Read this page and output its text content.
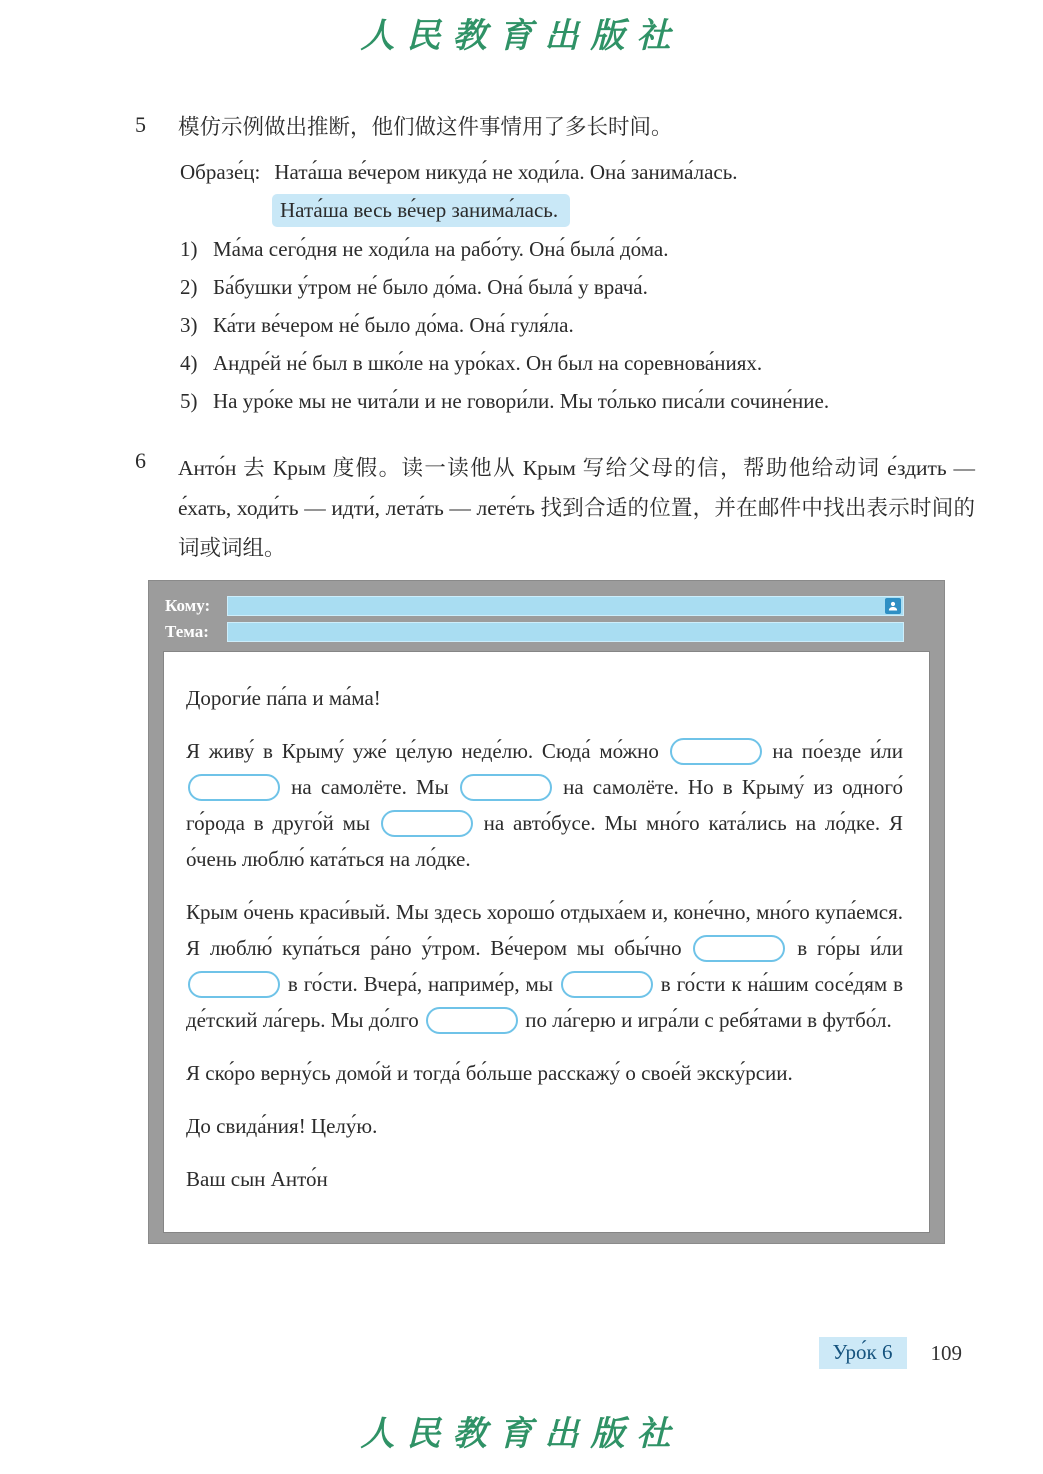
人民教育出版社
5	模仿示例做出推断，他们做这件事情用了多长时间。
Образе́ц: Ната́ша ве́чером никуда́ не ходи́ла. Она́ занима́лась.
Ната́ша весь ве́чер занима́лась.
1) Ма́ма сего́дня не ходи́ла на рабо́ту. Она́ была́ до́ма.
2) Ба́бушки у́тром не́ было до́ма. Она́ была́ у врача́.
3) Ка́ти ве́чером не́ было до́ма. Она́ гуля́ла.
4) Андре́й не́ был в шко́ле на уро́ках. Он был на соревнова́ниях.
5) На уро́ке мы не чита́ли и не говори́ли. Мы то́лько писа́ли сочине́ние.
6	Анто́н 去 Крым 度假。读一读他从 Крым 写给父母的信，帮助他给动词 е́здить — е́хать, ходи́ть — идти́, лета́ть — лете́ть 找到合适的位置，并在邮件中找出表示时间的词或词组。
Кому:
Тема:

Дороги́е па́па и ма́ма!

Я живу́ в Крыму́ уже́ це́лую неде́лю. Сюда́ мо́жно	на по́езде и́ли  на самолёте. Мы	на самолёте. Но в Крыму́ из одного́ го́рода в друго́й мы	на авто́бусе. Мы мно́го ката́лись на ло́дке. Я о́чень люблю́ ката́ться на ло́дке.

Крым о́чень краси́вый. Мы здесь хорошо́ отдыха́ем и, коне́чно, мно́го купа́емся. Я люблю́ купа́ться ра́но у́тром. Ве́чером мы обы́чно	в го́ры и́ли  в го́сти. Вчера́, наприме́р, мы	в го́сти к на́шим сосе́дям в де́тский ла́герь. Мы до́лго	по ла́герю и игра́ли с ребя́тами в футбо́л.

Я ско́ро верну́сь домо́й и тогда́ бо́льше расскажу́ о свое́й экску́рсии.

До свида́ния! Целу́ю.

Ваш сын Анто́н

Уро́к 6	109
人民教育出版社
